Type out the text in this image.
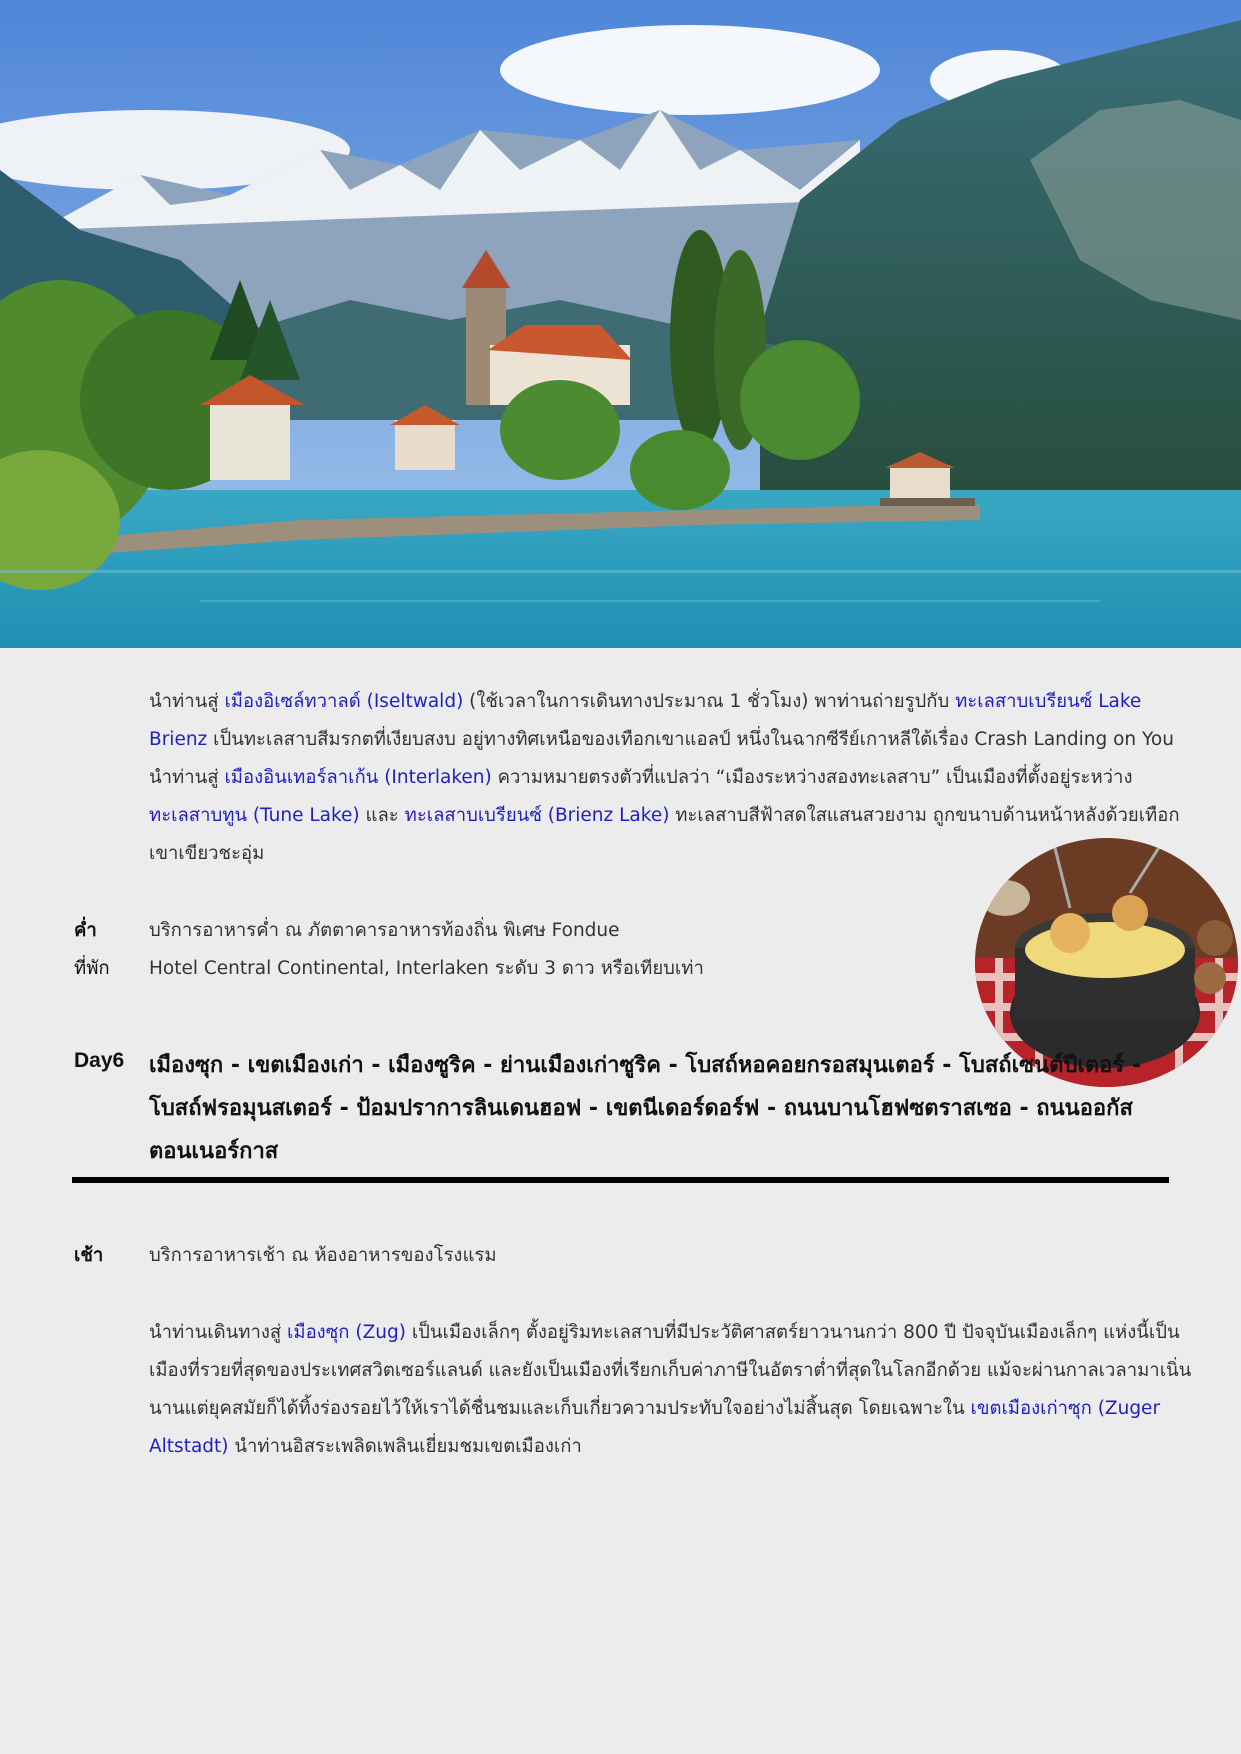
นำท่านสู่ เมืองอิเซล์ทวาลด์ (Iseltwald) (ใช้เวลาในการเดินทางประมาณ 1 ชั่วโมง) พาท่านถ่ายรูปกับ ทะเลสาบเบรียนซ์ Lake Brienz เป็นทะเลสาบสีมรกตที่เงียบสงบ อยู่ทางทิศเหนือของเทือกเขาแอลป์ หนึ่งในฉากซีรีย์เกาหลีใต้เรื่อง Crash Landing on You นำท่านสู่ เมืองอินเทอร์ลาเก้น (Interlaken) ความหมายตรงตัวที่แปลว่า “เมืองระหว่างสองทะเลสาบ” เป็นเมืองที่ตั้งอยู่ระหว่าง ทะเลสาบทูน (Tune Lake) และ ทะเลสาบเบรียนซ์ (Brienz Lake) ทะเลสาบสีฟ้าสดใสแสนสวยงาม ถูกขนาบด้านหน้าหลังด้วยเทือกเขาเขียวชะอุ่ม
ค่ำ	บริการอาหารค่ำ ณ ภัตตาคารอาหารท้องถิ่น พิเศษ Fondue
ที่พัก Hotel Central Continental, Interlaken ระดับ 3 ดาว หรือเทียบเท่า
Day6 เมืองซุก - เขตเมืองเก่า - เมืองซูริค - ย่านเมืองเก่าซูริค - โบสถ์หอคอยกรอสมุนเตอร์ - โบสถ์เซนต์ปีเตอร์ - โบสถ์ฟรอมุนสเตอร์ - ป้อมปราการลินเดนฮอฟ - เขตนีเดอร์ดอร์ฟ - ถนนบานโฮฟซตราสเซอ - ถนนออกัสตอนเนอร์กาส
เช้า บริการอาหารเช้า ณ ห้องอาหารของโรงแรม
นำท่านเดินทางสู่ เมืองซุก (Zug) เป็นเมืองเล็กๆ ตั้งอยู่ริมทะเลสาบที่มีประวัติศาสตร์ยาวนานกว่า 800 ปี ปัจจุบันเมืองเล็กๆ แห่งนี้เป็นเมืองที่รวยที่สุดของประเทศสวิตเซอร์แลนด์ และยังเป็นเมืองที่เรียกเก็บค่าภาษีในอัตราต่ำที่สุดในโลกอีกด้วย แม้จะผ่านกาลเวลามาเนิ่นนานแต่ยุคสมัยก็ได้ทิ้งร่องรอยไว้ให้เราได้ชื่นชมและเก็บเกี่ยวความประทับใจอย่างไม่สิ้นสุด โดยเฉพาะใน เขตเมืองเก่าซุก (Zuger Altstadt) นำท่านอิสระเพลิดเพลินเยี่ยมชมเขตเมืองเก่า
